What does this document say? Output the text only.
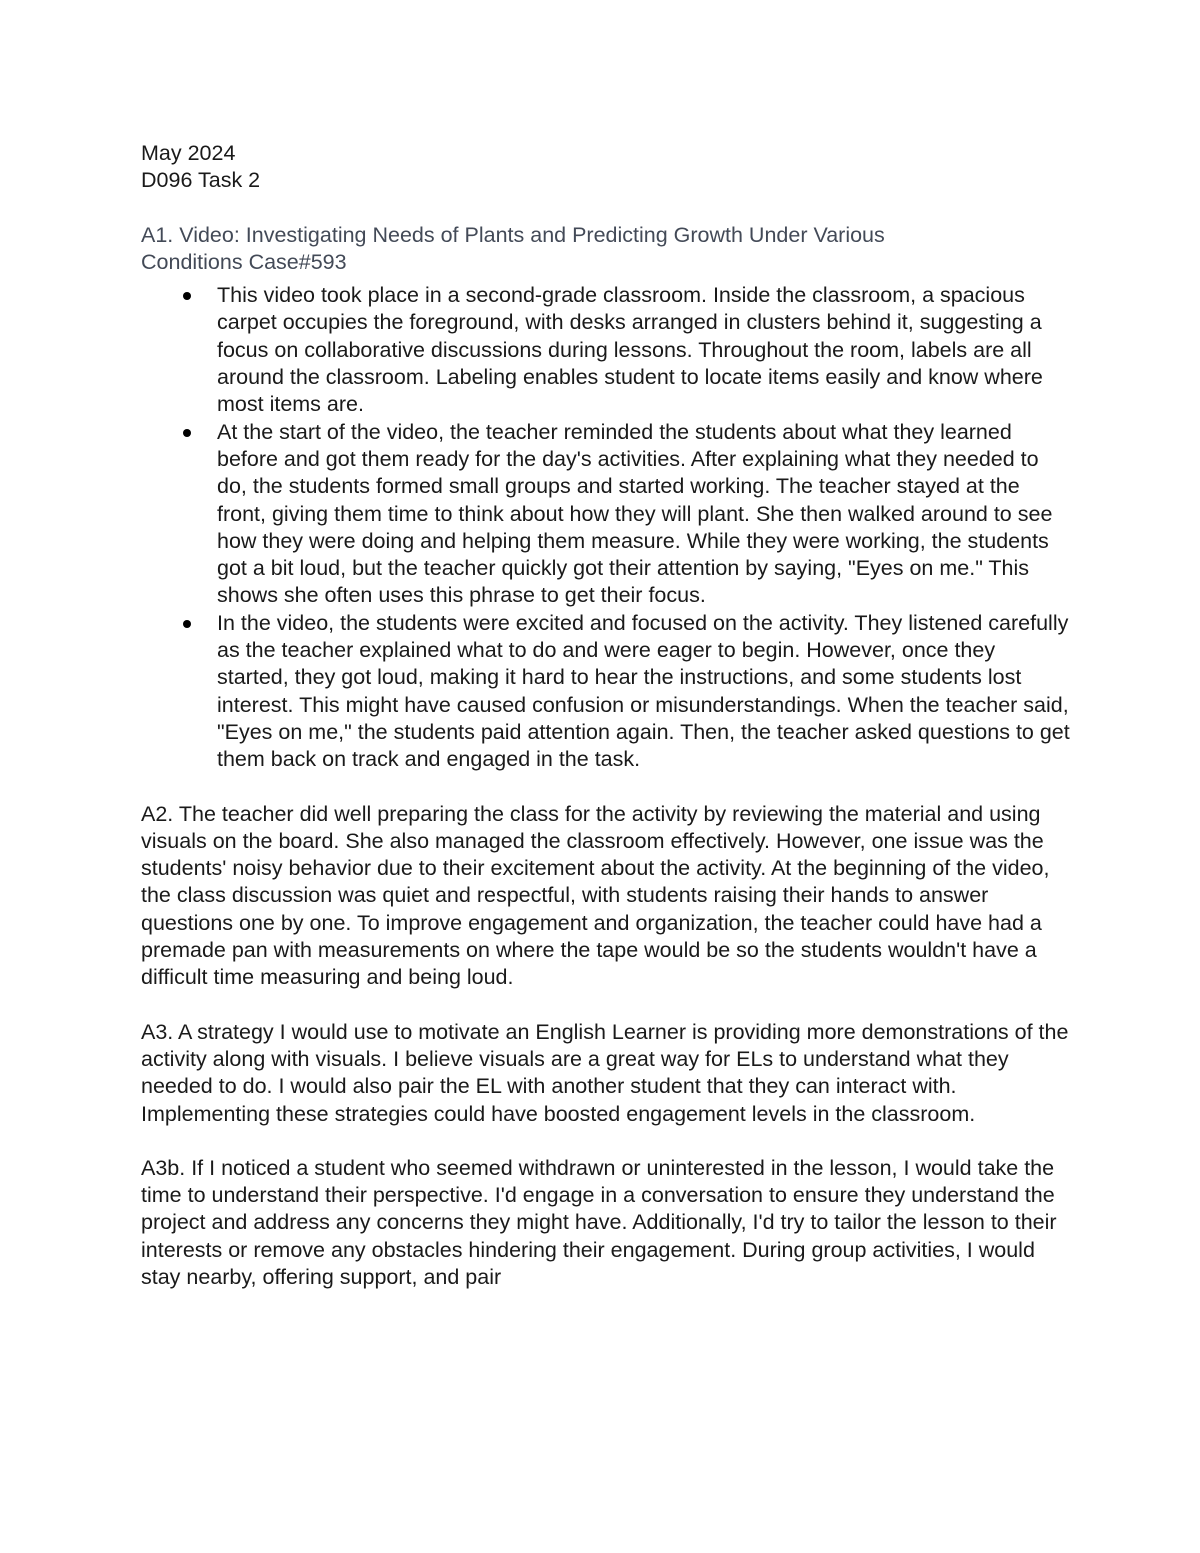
May 2024

D096 Task 2

A1. Video: Investigating Needs of Plants and Predicting Growth Under Various

Conditions Case#593

This video took place in a second-grade classroom. Inside the classroom, a spacious carpet occupies the foreground, with desks arranged in clusters behind it, suggesting a focus on collaborative discussions during lessons. Throughout the room, labels are all around the classroom. Labeling enables student to locate items easily and know where most items are.
At the start of the video, the teacher reminded the students about what they learned before and got them ready for the day's activities. After explaining what they needed to do, the students formed small groups and started working. The teacher stayed at the front, giving them time to think about how they will plant. She then walked around to see how they were doing and helping them measure. While they were working, the students got a bit loud, but the teacher quickly got their attention by saying, "Eyes on me." This shows she often uses this phrase to get their focus.
In the video, the students were excited and focused on the activity. They listened carefully as the teacher explained what to do and were eager to begin. However, once they started, they got loud, making it hard to hear the instructions, and some students lost interest. This might have caused confusion or misunderstandings. When the teacher said, "Eyes on me," the students paid attention again. Then, the teacher asked questions to get them back on track and engaged in the task.

A2. The teacher did well preparing the class for the activity by reviewing the material and using visuals on the board. She also managed the classroom effectively. However, one issue was the students' noisy behavior due to their excitement about the activity. At the beginning of the video, the class discussion was quiet and respectful, with students raising their hands to answer questions one by one. To improve engagement and organization, the teacher could have had a premade pan with measurements on where the tape would be so the students wouldn't have a difficult time measuring and being loud.

A3. A strategy I would use to motivate an English Learner is providing more demonstrations of the activity along with visuals. I believe visuals are a great way for ELs to understand what they needed to do. I would also pair the EL with another student that they can interact with. Implementing these strategies could have boosted engagement levels in the classroom.

A3b. If I noticed a student who seemed withdrawn or uninterested in the lesson, I would take the time to understand their perspective. I'd engage in a conversation to ensure they understand the project and address any concerns they might have. Additionally, I'd try to tailor the lesson to their interests or remove any obstacles hindering their engagement. During group activities, I would stay nearby, offering support, and pair
